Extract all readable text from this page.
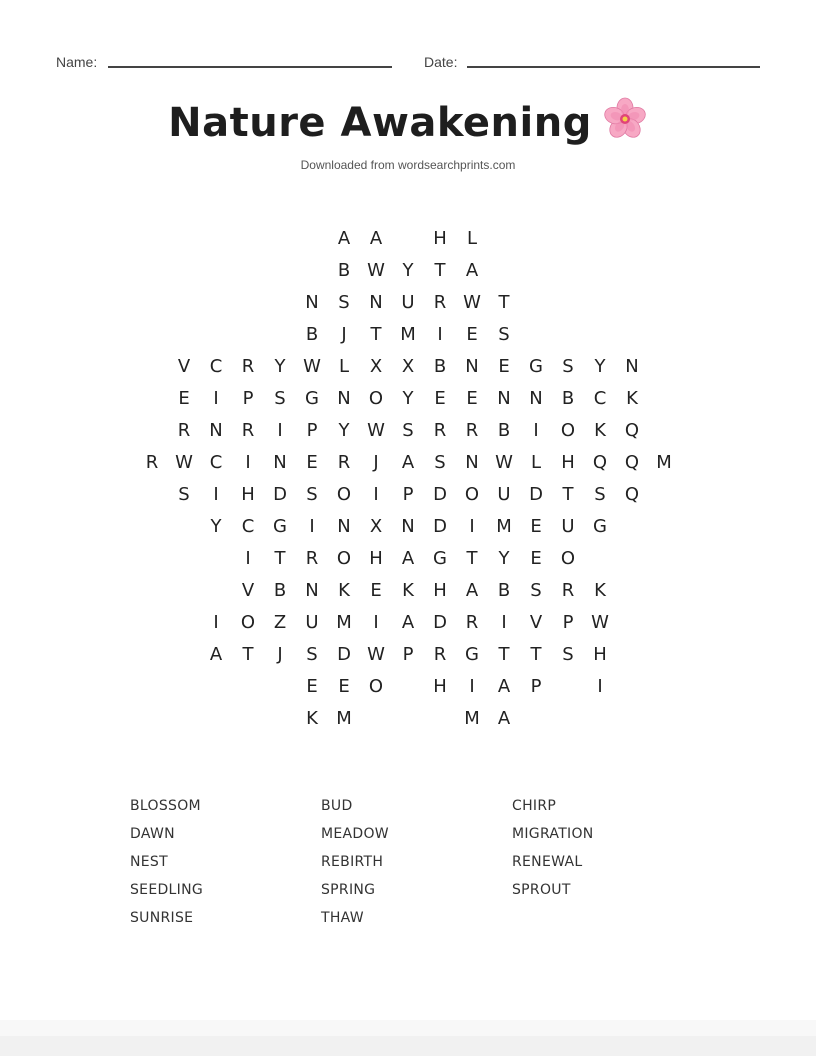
Name:	Date:
Nature Awakening
Downloaded from wordsearchprints.com
A	A	H	L
B W Y	T	A
N	S	N	U	R W T
B	J	T	M	I	E	S
V	C	R	Y W	L	X	X	B	N	E	G	S	Y	N
E	I	P	S	G N O	Y	E	E	N N	B	C	K
R	N	R	I	P	Y W S	R	R	B	I	O	K	Q
R W C	I	N	E	R	J	A	S	N W	L	H Q Q M
S	I	H D	S	O	I	P	D O	U	D	T	S	Q
Y	C	G	I	N	X	N D	I	M	E	U	G
I	T	R	O H	A	G	T	Y	E	O
V	B	N	K	E	K	H	A	B	S	R	K
I	O	Z	U M	I	A	D	R	I	V	P W
A	T	J	S	D W P	R	G	T	T	S	H
E	E	O	H	I	A	P	I
K	M	M	A
BLOSSOM	BUD	CHIRP
DAWN	MEADOW	MIGRATION
NEST	REBIRTH	RENEWAL
SEEDLING	SPRING	SPROUT
SUNRISE	THAW
